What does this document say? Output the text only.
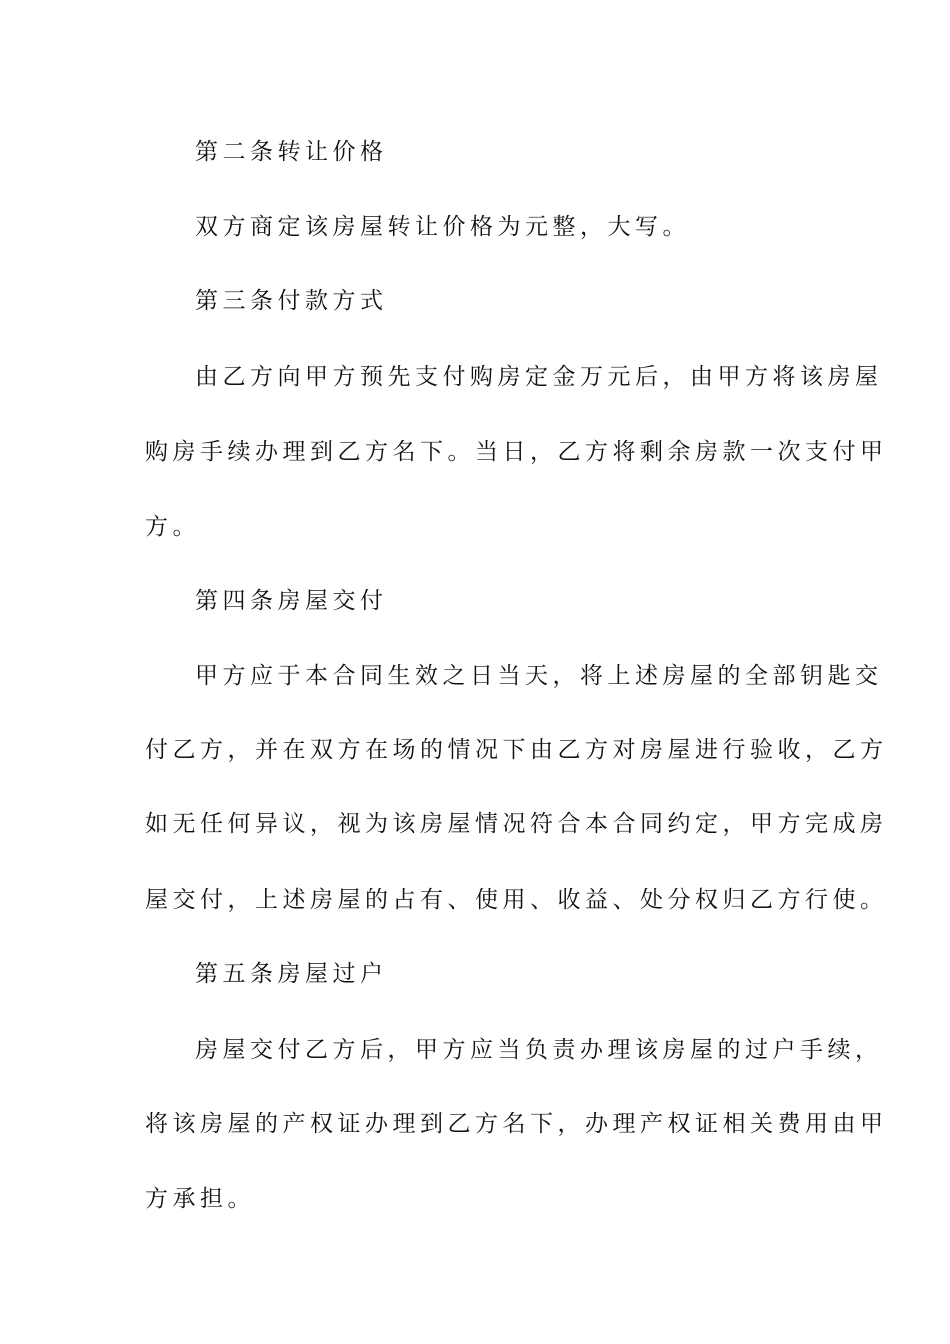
第二条转让价格
双方商定该房屋转让价格为元整，大写。
第三条付款方式
由乙方向甲方预先支付购房定金万元后，由甲方将该房屋
购房手续办理到乙方名下。当日，乙方将剩余房款一次支付甲
方。
第四条房屋交付
甲方应于本合同生效之日当天，将上述房屋的全部钥匙交
付乙方，并在双方在场的情况下由乙方对房屋进行验收，乙方
如无任何异议，视为该房屋情况符合本合同约定，甲方完成房
屋交付，上述房屋的占有、使用、收益、处分权归乙方行使。
第五条房屋过户
房屋交付乙方后，甲方应当负责办理该房屋的过户手续，
将该房屋的产权证办理到乙方名下，办理产权证相关费用由甲
方承担。
